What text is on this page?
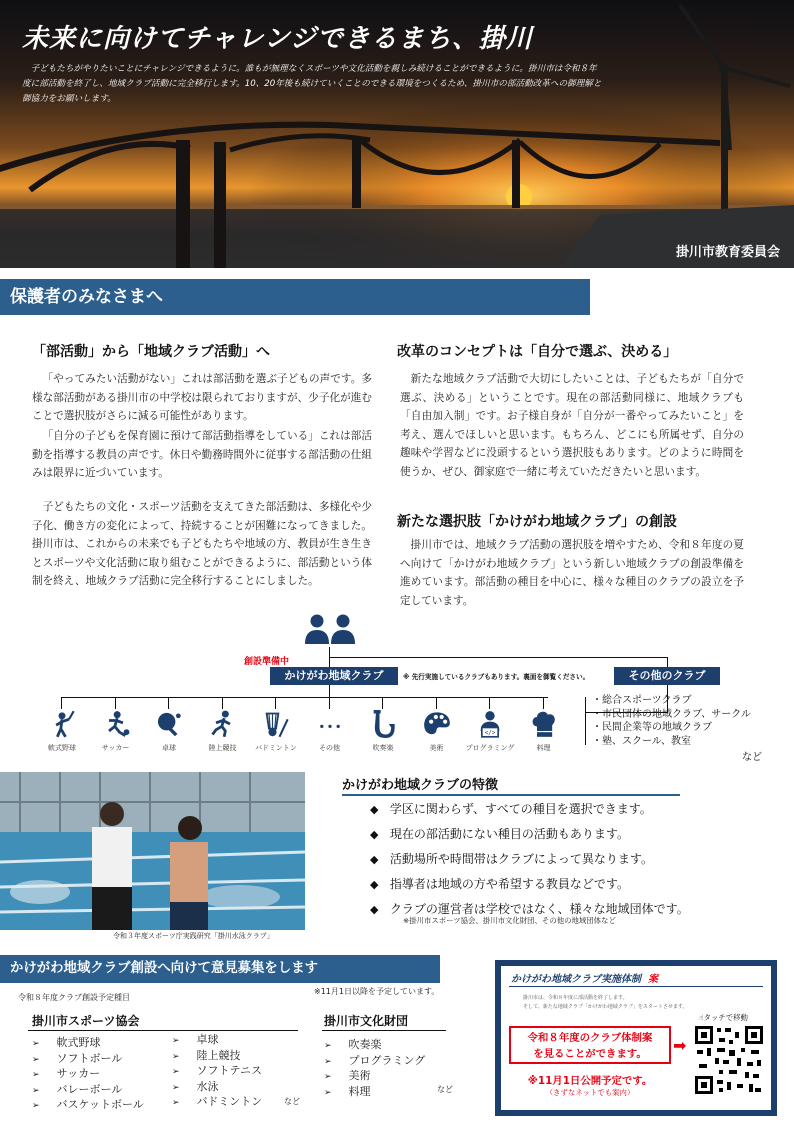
未来に向けてチャレンジできるまち、掛川
子どもたちがやりたいことにチャレンジできるように。誰もが無理なくスポーツや文化活動を親しみ続けることができるように。掛川市は令和８年度に部活動を終了し、地域クラブ活動に完全移行します。10、20年後も続けていくことのできる環境をつくるため、掛川市の部活動改革への御理解と御協力をお願いします。
掛川市教育委員会
保護者のみなさまへ
「部活動」から「地域クラブ活動」へ
「やってみたい活動がない」これは部活動を選ぶ子どもの声です。多様な部活動がある掛川市の中学校は限られておりますが、少子化が進むことで選択肢がさらに減る可能性があります。
「自分の子どもを保育園に預けて部活動指導をしている」これは部活動を指導する教員の声です。休日や勤務時間外に従事する部活動の仕組みは限界に近づいています。
子どもたちの文化・スポーツ活動を支えてきた部活動は、多様化や少子化、働き方の変化によって、持続することが困難になってきました。掛川市は、これからの未来でも子どもたちや地域の方、教員が生き生きとスポーツや文化活動に取り組むことができるように、部活動という体制を終え、地域クラブ活動に完全移行することにしました。
改革のコンセプトは「自分で選ぶ、決める」
新たな地域クラブ活動で大切にしたいことは、子どもたちが「自分で選ぶ、決める」ということです。現在の部活動同様に、地域クラブも「自由加入制」です。お子様自身が「自分が一番やってみたいこと」を考え、選んでほしいと思います。もちろん、どこにも所属せず、自分の趣味や学習などに没頭するという選択肢もあります。どのように時間を使うか、ぜひ、御家庭で一緒に考えていただきたいと思います。
新たな選択肢「かけがわ地域クラブ」の創設
掛川市では、地域クラブ活動の選択肢を増やすため、令和８年度の夏へ向けて「かけがわ地域クラブ」という新しい地域クラブの創設準備を進めています。部活動の種目を中心に、様々な種目のクラブの設立を予定しています。
創設準備中
かけがわ地域クラブ	※ 先行実施しているクラブもあります。裏面を御覧ください。	その他のクラブ
軟式野球	サッカー	卓球	陸上競技	バドミントン	その他	吹奏楽	美術
</>
プログラミング	料理
・総合スポーツクラブ
・市民団体の地域クラブ、サークル
・民間企業等の地域クラブ
・塾、スクール、教室
など
令和３年度スポーツ庁実践研究「掛川水泳クラブ」
かけがわ地域クラブの特徴
◆ 学区に関わらず、すべての種目を選択できます。
◆ 現在の部活動にない種目の活動もあります。
◆ 活動場所や時間帯はクラブによって異なります。
◆ 指導者は地域の方や希望する教員などです。
◆ クラブの運営者は学校ではなく、様々な地域団体です。
※掛川市スポーツ協会、掛川市文化財団、その他の地域団体など
かけがわ地域クラブ創設へ向けて意見募集をします
令和８年度クラブ創設予定種目
※11月1日以降を予定しています。
掛川市スポーツ協会
➢ 軟式野球
➢ ソフトボール
➢ サッカー
➢ バレーボール
➢ バスケットボール
➢ 卓球
➢ 陸上競技
➢ ソフトテニス
➢ 水泳
➢ バドミントン	など
掛川市文化財団
➢ 吹奏楽
➢ プログラミング
➢ 美術
➢ 料理	など
かけがわ地域クラブ実施体制 案
掛川市は、令和８年度に部活動を終了します。
そして、新たな地域クラブ「かけがわ地域クラブ」をスタートさせます。
☝タッチで移動
令和８年度のクラブ体制案
を見ることができます。	➡
※11月1日公開予定です。
（きずなネットでも案内）
